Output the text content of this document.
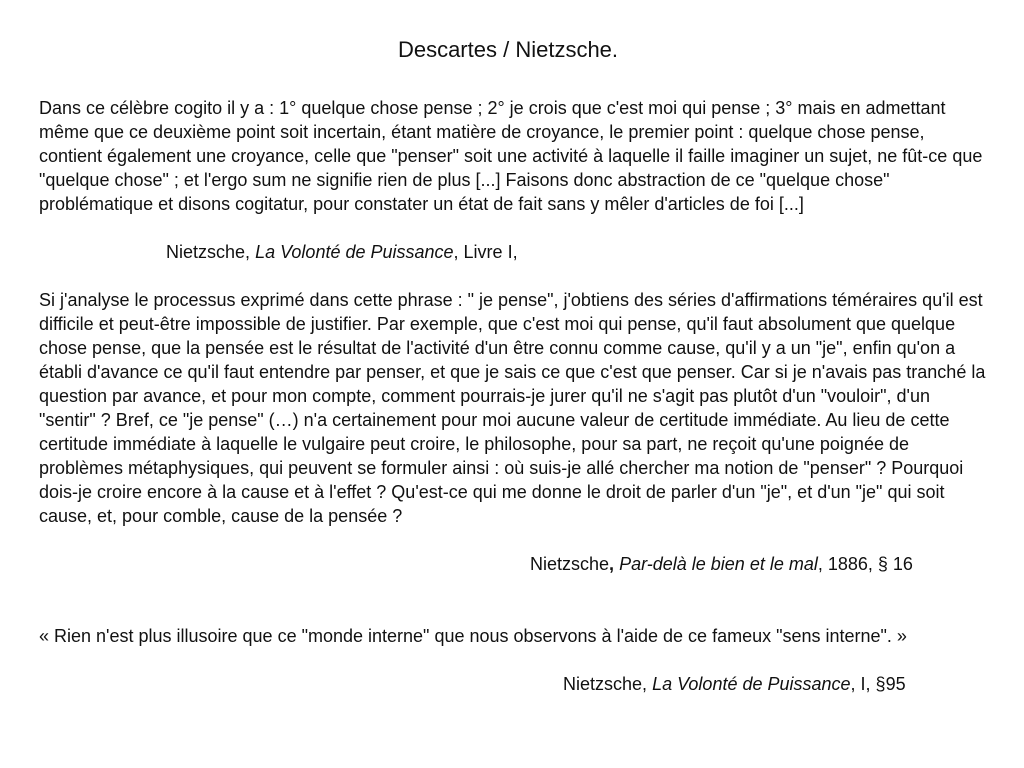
Descartes / Nietzsche.

Dans ce célèbre cogito il y a : 1° quelque chose pense ; 2° je crois que c'est moi qui pense ; 3° mais en admettant même que ce deuxième point soit incertain, étant matière de croyance, le premier point : quelque chose pense, contient également une croyance, celle que "penser" soit une activité à laquelle il faille imaginer un sujet, ne fût-ce que "quelque chose" ; et l'ergo sum ne signifie rien de plus [...] Faisons donc abstraction de ce "quelque chose" problématique et disons cogitatur, pour constater un état de fait sans y mêler d'articles de foi [...]

Nietzsche, La Volonté de Puissance, Livre I,

Si j'analyse le processus exprimé dans cette phrase : " je pense", j'obtiens des séries d'affirmations téméraires qu'il est difficile et peut-être impossible de justifier. Par exemple, que c'est moi qui pense, qu'il faut absolument que quelque chose pense, que la pensée est le résultat de l'activité d'un être connu comme cause, qu'il y a un "je", enfin qu'on a établi d'avance ce qu'il faut entendre par penser, et que je sais ce que c'est que penser. Car si je n'avais pas tranché la question par avance, et pour mon compte, comment pourrais-je jurer qu'il ne s'agit pas plutôt d'un "vouloir", d'un "sentir" ? Bref, ce "je pense" (…) n'a certainement pour moi aucune valeur de certitude immédiate. Au lieu de cette certitude immédiate à laquelle le vulgaire peut croire, le philosophe, pour sa part, ne reçoit qu'une poignée de problèmes métaphysiques, qui peuvent se formuler ainsi : où suis-je allé chercher ma notion de "penser" ? Pourquoi dois-je croire encore à la cause et à l'effet ? Qu'est-ce qui me donne le droit de parler d'un "je", et d'un "je" qui soit cause, et, pour comble, cause de la pensée ?

Nietzsche, Par-delà le bien et le mal, 1886, § 16

« Rien n'est plus illusoire que ce "monde interne" que nous observons à l'aide de ce fameux "sens interne". »

Nietzsche, La Volonté de Puissance, I, §95
